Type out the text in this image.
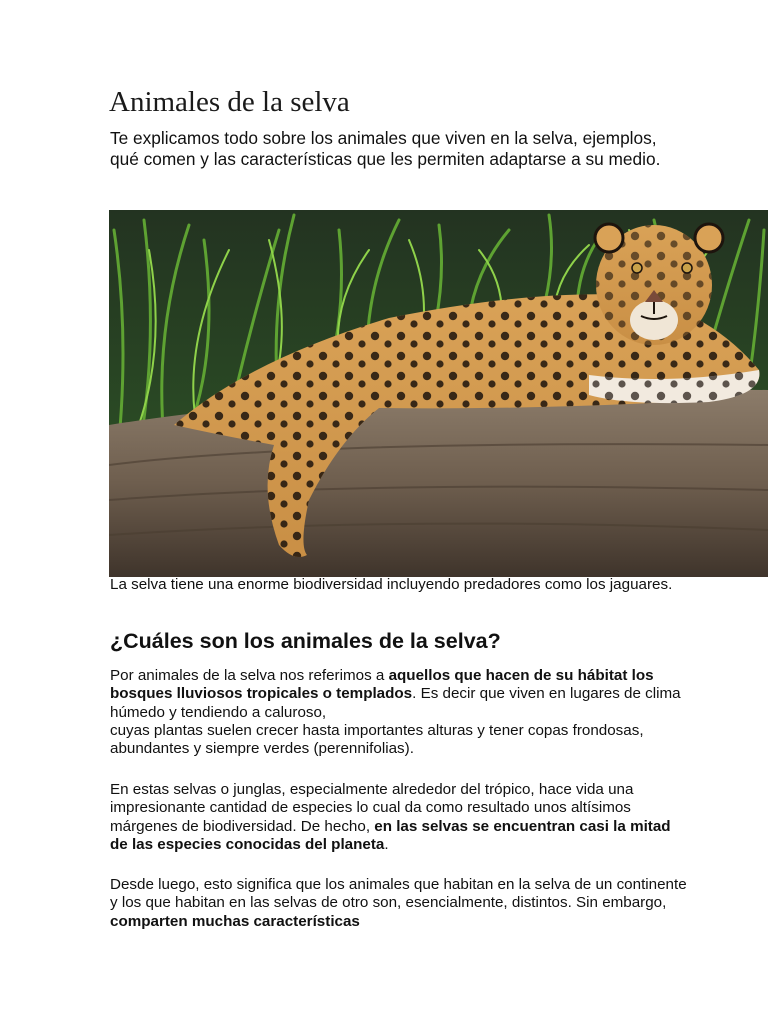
Animales de la selva

Te explicamos todo sobre los animales que viven en la selva, ejemplos, qué comen y las características que les permiten adaptarse a su medio.

La selva tiene una enorme biodiversidad incluyendo predadores como los jaguares.

¿Cuáles son los animales de la selva?

Por animales de la selva nos referimos a aquellos que hacen de su hábitat los bosques lluviosos tropicales o templados. Es decir que viven en lugares de clima húmedo y tendiendo a caluroso,
cuyas plantas suelen crecer hasta importantes alturas y tener copas frondosas, abundantes y siempre verdes (perennifolias).

En estas selvas o junglas, especialmente alrededor del trópico, hace vida una impresionante cantidad de especies lo cual da como resultado unos altísimos márgenes de biodiversidad. De hecho, en las selvas se encuentran casi la mitad de las especies conocidas del planeta.

Desde luego, esto significa que los animales que habitan en la selva de un continente y los que habitan en las selvas de otro son, esencialmente, distintos. Sin embargo, comparten muchas características
